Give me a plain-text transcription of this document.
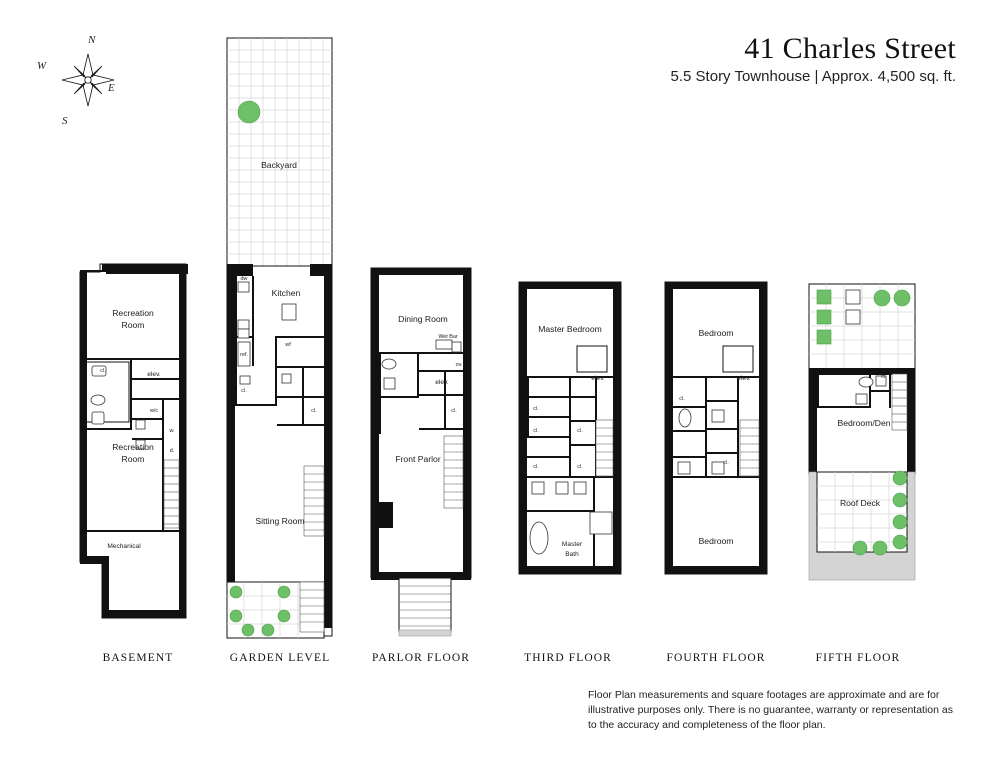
N
S
E
W
41 Charles Street
5.5 Story Townhouse | Approx. 4,500 sq. ft.
Recreation
Room
Recreation
Room
Mechanical
cl.	elev.
w/c
w.
d.
BASEMENT
Backyard
Kitchen
Sitting Room
dw
wf
ref.
cl.
cl.
GARDEN LEVEL
Dining Room
Front Parlor
Wet Bar
ov.
elev.
cl.
PARLOR FLOOR
Master Bedroom
Master
Bath
elev.
cl.
cl.
cl.
cl.
cl.
THIRD FLOOR
Bedroom
Bedroom
elev.
cl.
cl.
FOURTH FLOOR
Bedroom/Den
Roof Deck
cl.
FIFTH FLOOR
Floor Plan measurements and square footages are approximate and are for illustrative purposes only. There is no guarantee, warranty or representation as to the accuracy and completeness of the floor plan.
